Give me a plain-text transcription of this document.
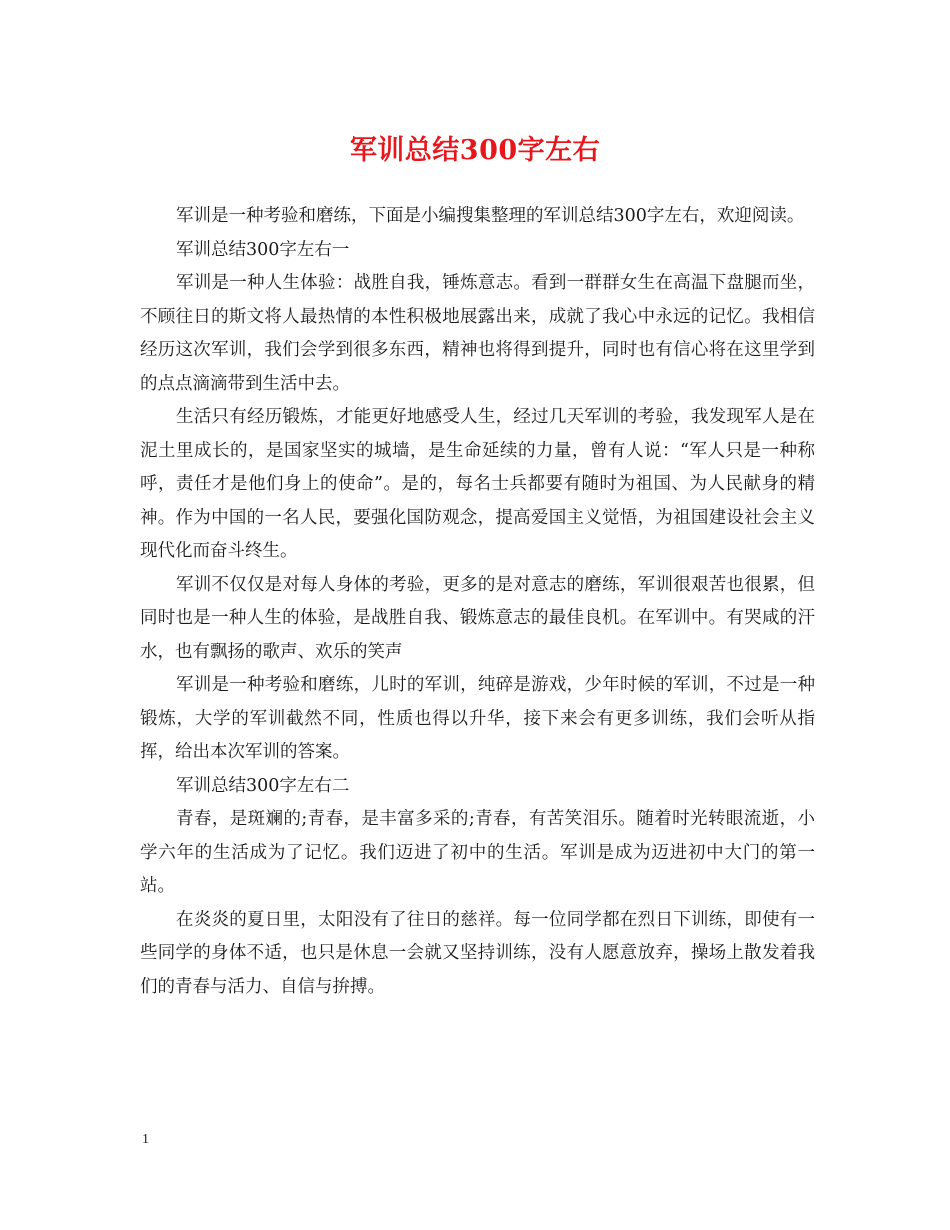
军训总结300字左右

军训是一种考验和磨练，下面是小编搜集整理的军训总结300字左右，欢迎阅读。

军训总结300字左右一

军训是一种人生体验：战胜自我，锤炼意志。看到一群群女生在高温下盘腿而坐，不顾往日的斯文将人最热情的本性积极地展露出来，成就了我心中永远的记忆。我相信经历这次军训，我们会学到很多东西，精神也将得到提升，同时也有信心将在这里学到的点点滴滴带到生活中去。

生活只有经历锻炼，才能更好地感受人生，经过几天军训的考验，我发现军人是在泥土里成长的，是国家坚实的城墙，是生命延续的力量，曾有人说：“军人只是一种称呼，责任才是他们身上的使命”。是的，每名士兵都要有随时为祖国、为人民献身的精神。作为中国的一名人民，要强化国防观念，提高爱国主义觉悟，为祖国建设社会主义现代化而奋斗终生。

军训不仅仅是对每人身体的考验，更多的是对意志的磨练，军训很艰苦也很累，但同时也是一种人生的体验，是战胜自我、锻炼意志的最佳良机。在军训中。有哭咸的汗水，也有飘扬的歌声、欢乐的笑声

军训是一种考验和磨练，儿时的军训，纯碎是游戏，少年时候的军训，不过是一种锻炼，大学的军训截然不同，性质也得以升华，接下来会有更多训练，我们会听从指挥，给出本次军训的答案。

军训总结300字左右二

青春，是斑斓的;青春，是丰富多采的;青春，有苦笑泪乐。随着时光转眼流逝，小学六年的生活成为了记忆。我们迈进了初中的生活。军训是成为迈进初中大门的第一站。

在炎炎的夏日里，太阳没有了往日的慈祥。每一位同学都在烈日下训练，即使有一些同学的身体不适，也只是休息一会就又坚持训练，没有人愿意放弃，操场上散发着我们的青春与活力、自信与拚搏。

1
